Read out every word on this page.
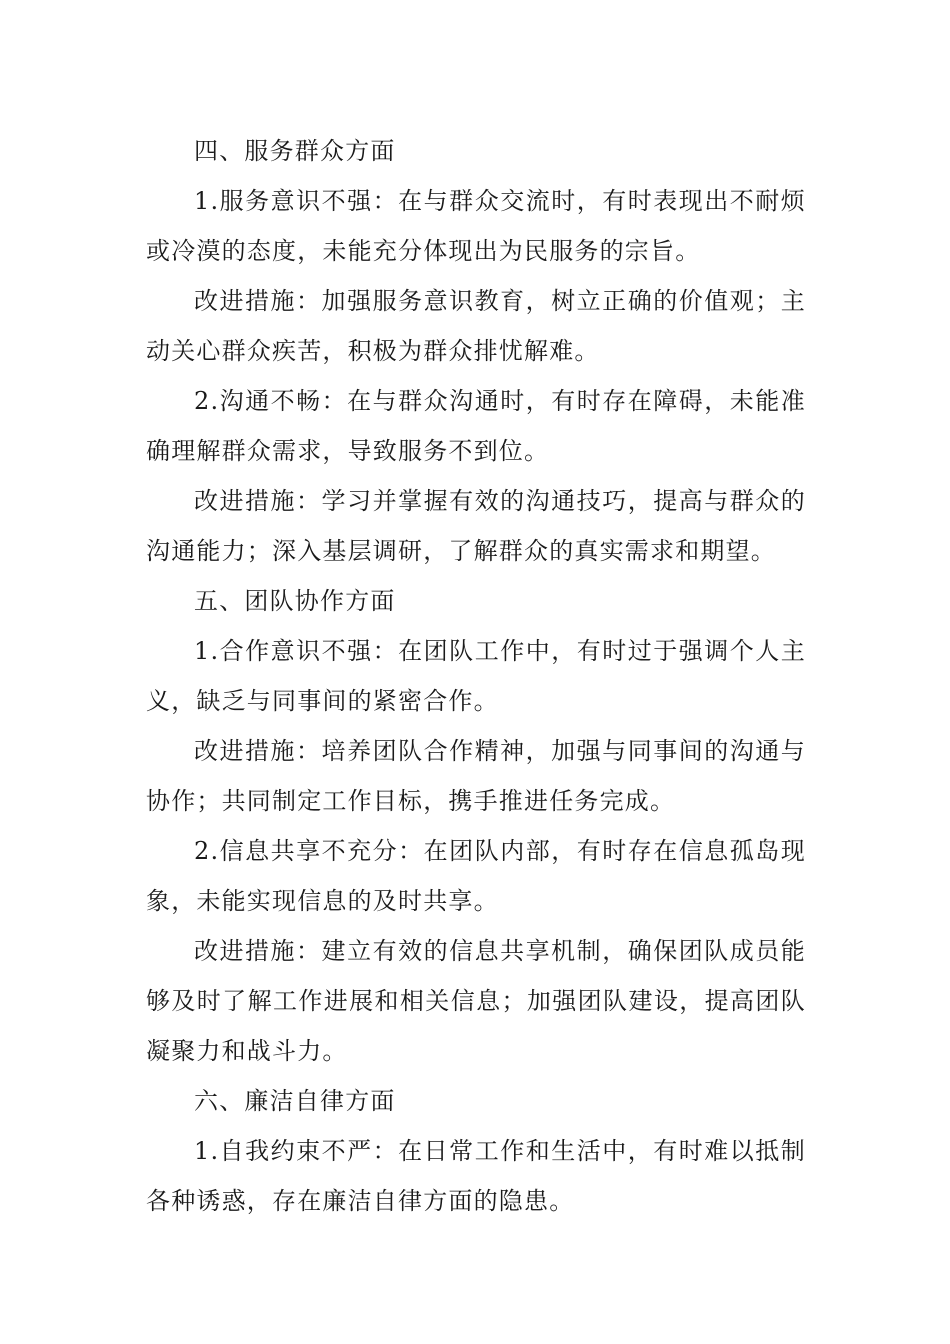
四、服务群众方面

1.服务意识不强：在与群众交流时，有时表现出不耐烦或冷漠的态度，未能充分体现出为民服务的宗旨。

改进措施：加强服务意识教育，树立正确的价值观；主动关心群众疾苦，积极为群众排忧解难。

2.沟通不畅：在与群众沟通时，有时存在障碍，未能准确理解群众需求，导致服务不到位。

改进措施：学习并掌握有效的沟通技巧，提高与群众的沟通能力；深入基层调研，了解群众的真实需求和期望。

五、团队协作方面

1.合作意识不强：在团队工作中，有时过于强调个人主义，缺乏与同事间的紧密合作。

改进措施：培养团队合作精神，加强与同事间的沟通与协作；共同制定工作目标，携手推进任务完成。

2.信息共享不充分：在团队内部，有时存在信息孤岛现象，未能实现信息的及时共享。

改进措施：建立有效的信息共享机制，确保团队成员能够及时了解工作进展和相关信息；加强团队建设，提高团队凝聚力和战斗力。

六、廉洁自律方面

1.自我约束不严：在日常工作和生活中，有时难以抵制各种诱惑，存在廉洁自律方面的隐患。
